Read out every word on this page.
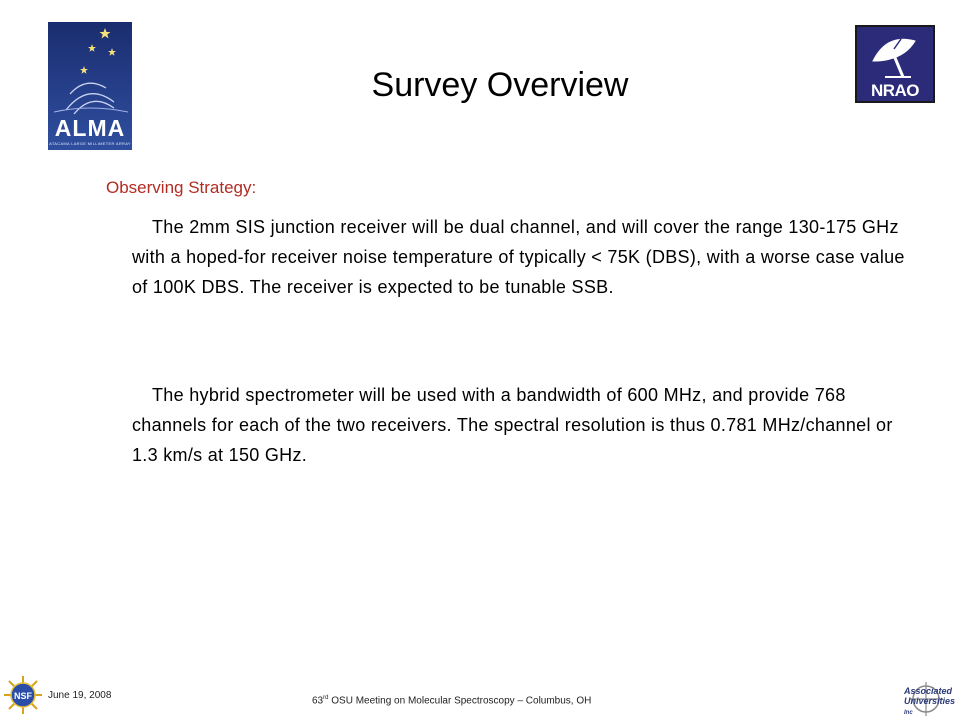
ALMA
ATACAMA LARGE MILLIMETER ARRAY
Survey Overview	NRAO
Observing Strategy:
The 2mm SIS junction receiver will be dual channel, and will cover the range 130-175 GHz with a hoped-for receiver noise temperature of typically < 75K (DBS), with a worse case value of 100K DBS. The receiver is expected to be tunable SSB.
The hybrid spectrometer will be used with a bandwidth of 600 MHz, and provide 768 channels for each of the two receivers. The spectral resolution is thus 0.781 MHz/channel or 1.3 km/s at 150 GHz.
NSF June 19, 2008	63rd OSU Meeting on Molecular Spectroscopy – Columbus, OH
Associated
Universities Inc
